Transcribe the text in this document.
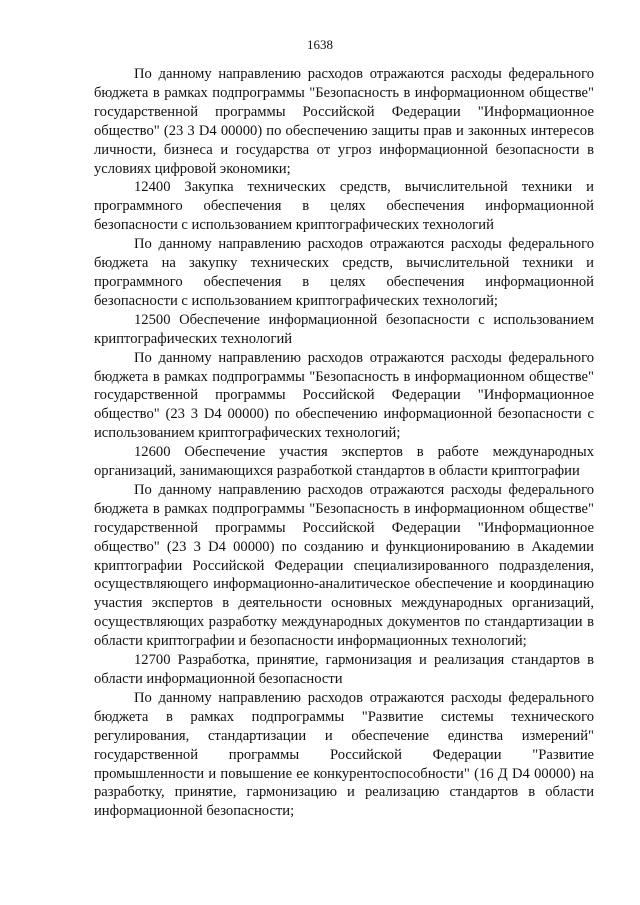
1638

По данному направлению расходов отражаются расходы федерального бюджета в рамках подпрограммы "Безопасность в информационном обществе" государственной программы Российской Федерации "Информационное общество" (23 3 D4 00000) по обеспечению защиты прав и законных интересов личности, бизнеса и государства от угроз информационной безопасности в условиях цифровой экономики;

12400 Закупка технических средств, вычислительной техники и программного обеспечения в целях обеспечения информационной безопасности с использованием криптографических технологий

По данному направлению расходов отражаются расходы федерального бюджета на закупку технических средств, вычислительной техники и программного обеспечения в целях обеспечения информационной безопасности с использованием криптографических технологий;

12500 Обеспечение информационной безопасности с использованием криптографических технологий

По данному направлению расходов отражаются расходы федерального бюджета в рамках подпрограммы "Безопасность в информационном обществе" государственной программы Российской Федерации "Информационное общество" (23 3 D4 00000) по обеспечению информационной безопасности с использованием криптографических технологий;

12600 Обеспечение участия экспертов в работе международных организаций, занимающихся разработкой стандартов в области криптографии

По данному направлению расходов отражаются расходы федерального бюджета в рамках подпрограммы "Безопасность в информационном обществе" государственной программы Российской Федерации "Информационное общество" (23 3 D4 00000) по созданию и функционированию в Академии криптографии Российской Федерации специализированного подразделения, осуществляющего информационно-аналитическое обеспечение и координацию участия экспертов в деятельности основных международных организаций, осуществляющих разработку международных документов по стандартизации в области криптографии и безопасности информационных технологий;

12700 Разработка, принятие, гармонизация и реализация стандартов в области информационной безопасности

По данному направлению расходов отражаются расходы федерального бюджета в рамках подпрограммы "Развитие системы технического регулирования, стандартизации и обеспечение единства измерений" государственной программы Российской Федерации "Развитие промышленности и повышение ее конкурентоспособности" (16 Д D4 00000) на разработку, принятие, гармонизацию и реализацию стандартов в области информационной безопасности;
